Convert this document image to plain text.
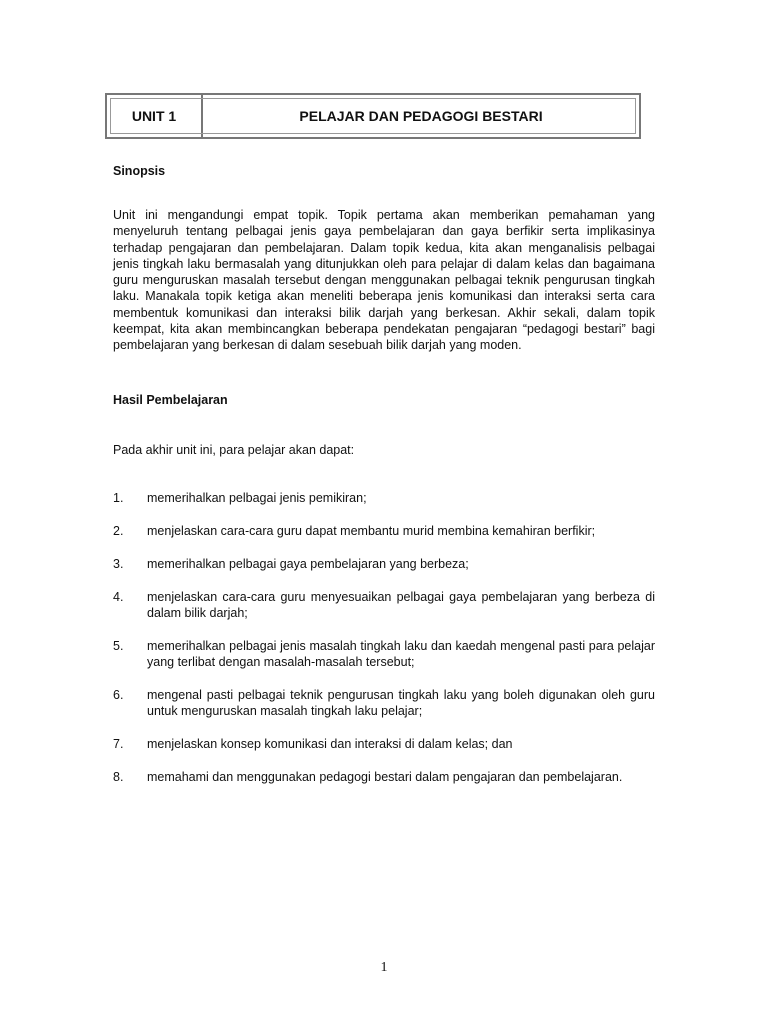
UNIT 1	PELAJAR DAN PEDAGOGI BESTARI
Sinopsis

Unit ini mengandungi empat topik. Topik pertama akan memberikan pemahaman yang menyeluruh tentang pelbagai jenis gaya pembelajaran dan gaya berfikir serta implikasinya terhadap pengajaran dan pembelajaran. Dalam topik kedua, kita akan menganalisis pelbagai jenis tingkah laku bermasalah yang ditunjukkan oleh para pelajar di dalam kelas dan bagaimana guru menguruskan masalah tersebut dengan menggunakan pelbagai teknik pengurusan tingkah laku. Manakala topik ketiga akan meneliti beberapa jenis komunikasi dan interaksi serta cara membentuk komunikasi dan interaksi bilik darjah yang berkesan. Akhir sekali, dalam topik keempat, kita akan membincangkan beberapa pendekatan pengajaran “pedagogi bestari” bagi pembelajaran yang berkesan di dalam sesebuah bilik darjah yang moden.

Hasil Pembelajaran
Pada akhir unit ini, para pelajar akan dapat:
1.	memerihalkan pelbagai jenis pemikiran;
2.	menjelaskan cara-cara guru dapat membantu murid membina kemahiran berfikir;
3.	memerihalkan pelbagai gaya pembelajaran yang berbeza;
4.	menjelaskan cara-cara guru menyesuaikan pelbagai gaya pembelajaran yang berbeza di dalam bilik darjah;
5.	memerihalkan pelbagai jenis masalah tingkah laku dan kaedah mengenal pasti para pelajar yang terlibat dengan masalah-masalah tersebut;
6.	mengenal pasti pelbagai teknik pengurusan tingkah laku yang boleh digunakan oleh guru untuk menguruskan masalah tingkah laku pelajar;
7.	menjelaskan konsep komunikasi dan interaksi di dalam kelas; dan
8.	memahami dan menggunakan pedagogi bestari dalam pengajaran dan pembelajaran.
1
